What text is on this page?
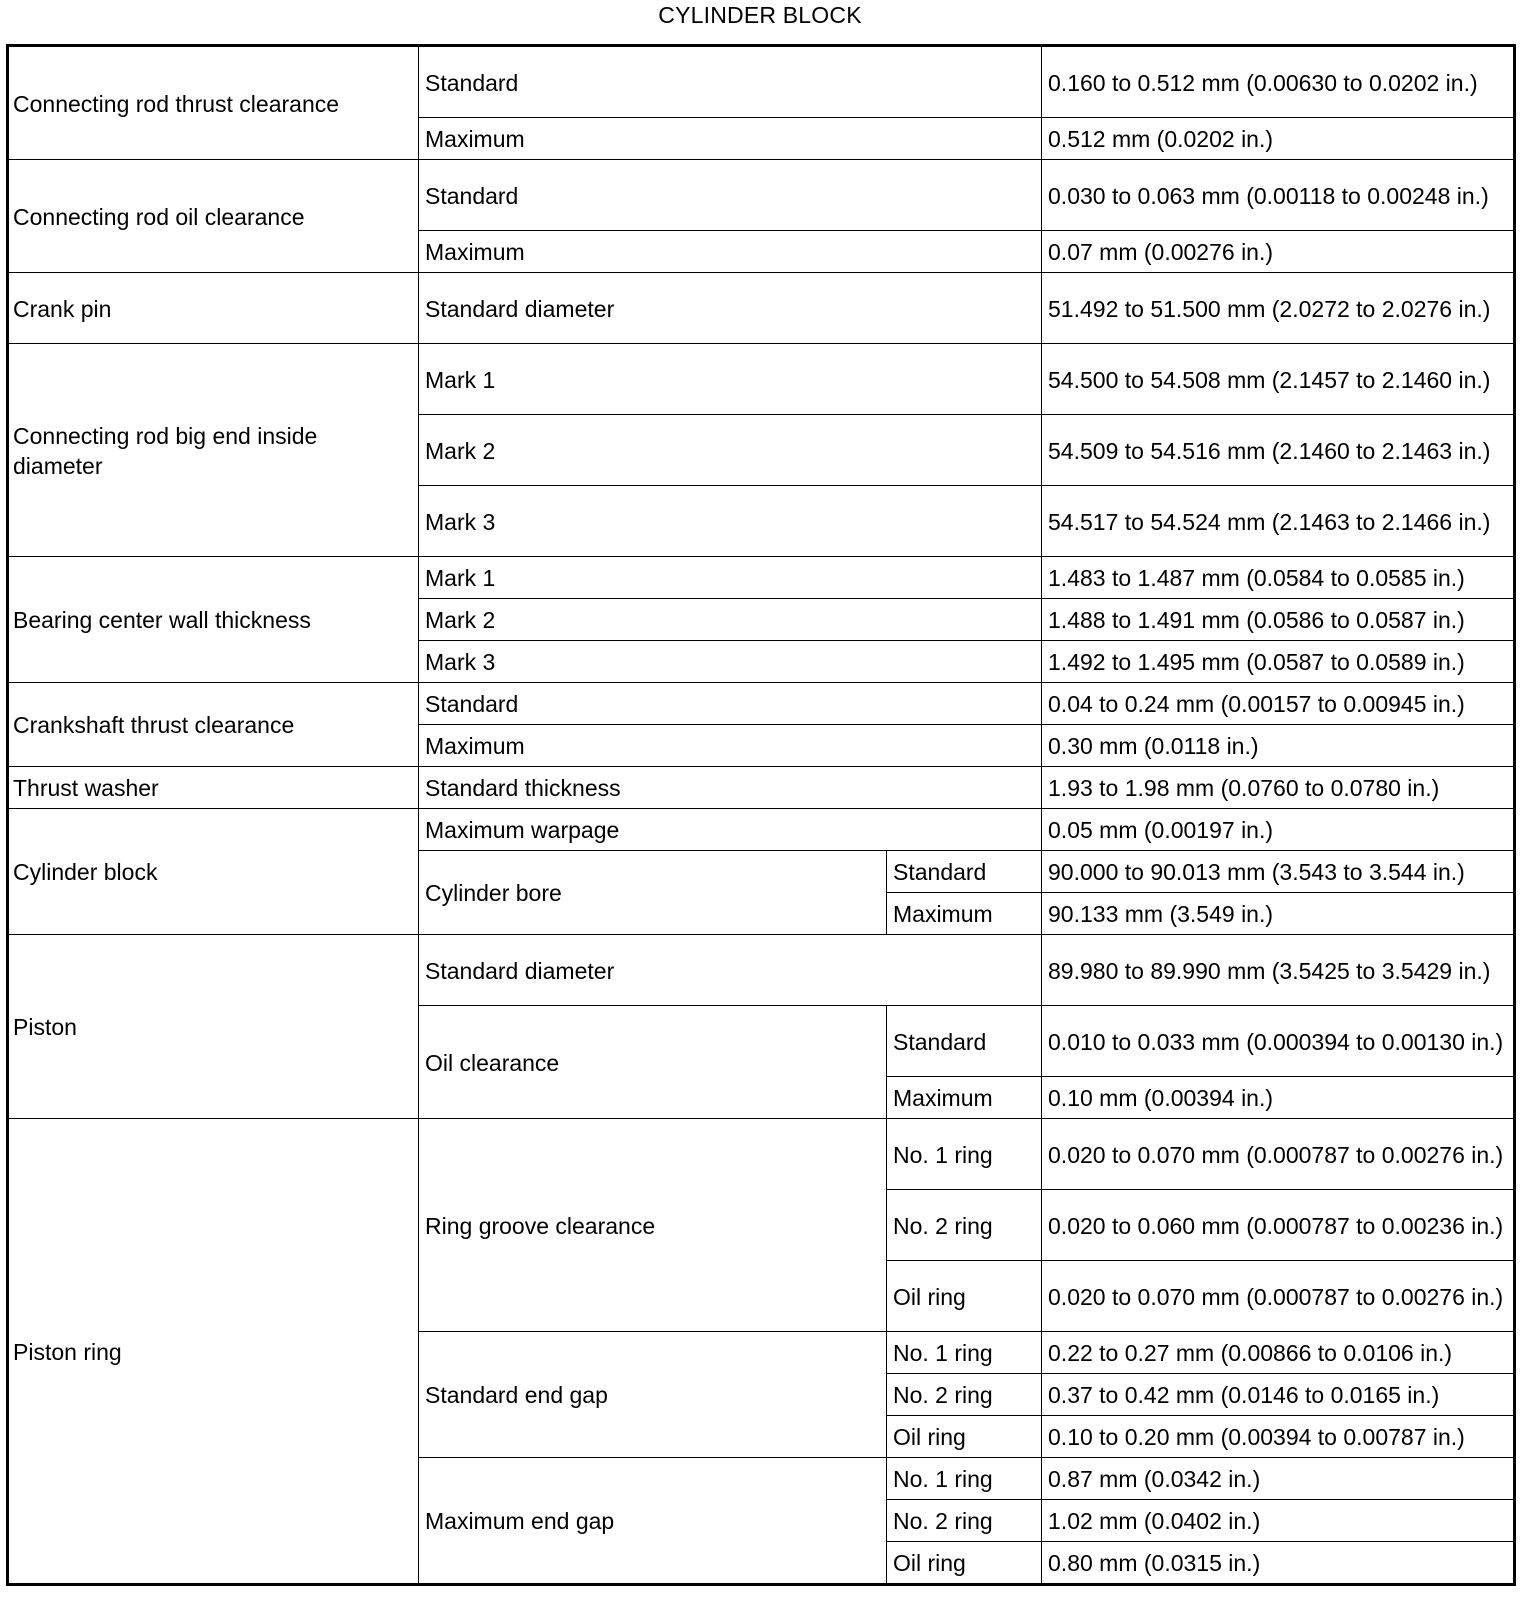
CYLINDER BLOCK
Connecting rod thrust clearance	Standard		0.160 to 0.512 mm (0.00630 to 0.0202 in.)
	Maximum		0.512 mm (0.0202 in.)
Connecting rod oil clearance	Standard		0.030 to 0.063 mm (0.00118 to 0.00248 in.)
	Maximum		0.07 mm (0.00276 in.)
Crank pin	Standard diameter		51.492 to 51.500 mm (2.0272 to 2.0276 in.)
Connecting rod big end inside diameter	Mark 1		54.500 to 54.508 mm (2.1457 to 2.1460 in.)
	Mark 2		54.509 to 54.516 mm (2.1460 to 2.1463 in.)
	Mark 3		54.517 to 54.524 mm (2.1463 to 2.1466 in.)
Bearing center wall thickness	Mark 1		1.483 to 1.487 mm (0.0584 to 0.0585 in.)
	Mark 2		1.488 to 1.491 mm (0.0586 to 0.0587 in.)
	Mark 3		1.492 to 1.495 mm (0.0587 to 0.0589 in.)
Crankshaft thrust clearance	Standard		0.04 to 0.24 mm (0.00157 to 0.00945 in.)
	Maximum		0.30 mm (0.0118 in.)
Thrust washer	Standard thickness		1.93 to 1.98 mm (0.0760 to 0.0780 in.)
Cylinder block	Maximum warpage		0.05 mm (0.00197 in.)
	Cylinder bore	Standard	90.000 to 90.013 mm (3.543 to 3.544 in.)
		Maximum	90.133 mm (3.549 in.)
Piston	Standard diameter		89.980 to 89.990 mm (3.5425 to 3.5429 in.)
	Oil clearance	Standard	0.010 to 0.033 mm (0.000394 to 0.00130 in.)
		Maximum	0.10 mm (0.00394 in.)
Piston ring	Ring groove clearance	No. 1 ring	0.020 to 0.070 mm (0.000787 to 0.00276 in.)
		No. 2 ring	0.020 to 0.060 mm (0.000787 to 0.00236 in.)
		Oil ring	0.020 to 0.070 mm (0.000787 to 0.00276 in.)
	Standard end gap	No. 1 ring	0.22 to 0.27 mm (0.00866 to 0.0106 in.)
		No. 2 ring	0.37 to 0.42 mm (0.0146 to 0.0165 in.)
		Oil ring	0.10 to 0.20 mm (0.00394 to 0.00787 in.)
	Maximum end gap	No. 1 ring	0.87 mm (0.0342 in.)
		No. 2 ring	1.02 mm (0.0402 in.)
		Oil ring	0.80 mm (0.0315 in.)
